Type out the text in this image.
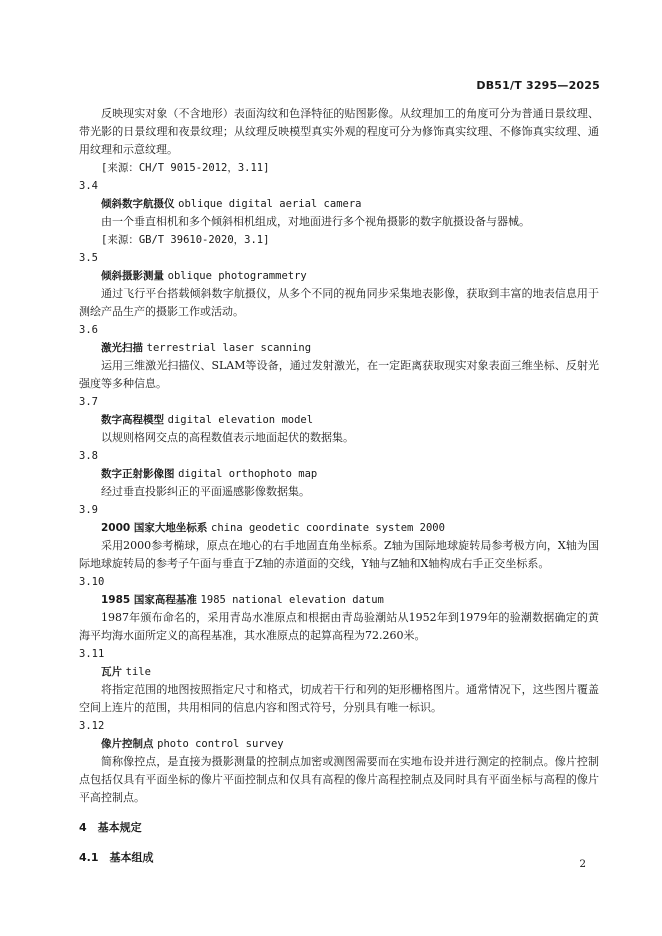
DB51/T 3295—2025

反映现实对象（不含地形）表面沟纹和色泽特征的贴图影像。从纹理加工的角度可分为普通日景纹理、带光影的日景纹理和夜景纹理；从纹理反映模型真实外观的程度可分为修饰真实纹理、不修饰真实纹理、通用纹理和示意纹理。

[来源：CH/T 9015-2012，3.11]

3.4

倾斜数字航摄仪 oblique digital aerial camera

由一个垂直相机和多个倾斜相机组成，对地面进行多个视角摄影的数字航摄设备与器械。

[来源：GB/T 39610-2020，3.1]

3.5

倾斜摄影测量 oblique photogrammetry

通过飞行平台搭载倾斜数字航摄仪，从多个不同的视角同步采集地表影像，获取到丰富的地表信息用于测绘产品生产的摄影工作或活动。

3.6

激光扫描 terrestrial laser scanning

运用三维激光扫描仪、SLAM等设备，通过发射激光，在一定距离获取现实对象表面三维坐标、反射光强度等多种信息。

3.7

数字高程模型 digital elevation model

以规则格网交点的高程数值表示地面起伏的数据集。

3.8

数字正射影像图 digital orthophoto map

经过垂直投影纠正的平面遥感影像数据集。

3.9

2000 国家大地坐标系 china geodetic coordinate system 2000

采用2000参考椭球，原点在地心的右手地固直角坐标系。Z轴为国际地球旋转局参考极方向，X轴为国际地球旋转局的参考子午面与垂直于Z轴的赤道面的交线，Y轴与Z轴和X轴构成右手正交坐标系。

3.10

1985 国家高程基准 1985 national elevation datum

1987年颁布命名的，采用青岛水准原点和根据由青岛验潮站从1952年到1979年的验潮数据确定的黄海平均海水面所定义的高程基准，其水准原点的起算高程为72.260米。

3.11

瓦片 tile

将指定范围的地图按照指定尺寸和格式，切成若干行和列的矩形栅格图片。通常情况下，这些图片覆盖空间上连片的范围，共用相同的信息内容和图式符号，分别具有唯一标识。

3.12

像片控制点 photo control survey

简称像控点，是直接为摄影测量的控制点加密或测图需要而在实地布设并进行测定的控制点。像片控制点包括仅具有平面坐标的像片平面控制点和仅具有高程的像片高程控制点及同时具有平面坐标与高程的像片平高控制点。

4　基本规定
4.1　基本组成	2
